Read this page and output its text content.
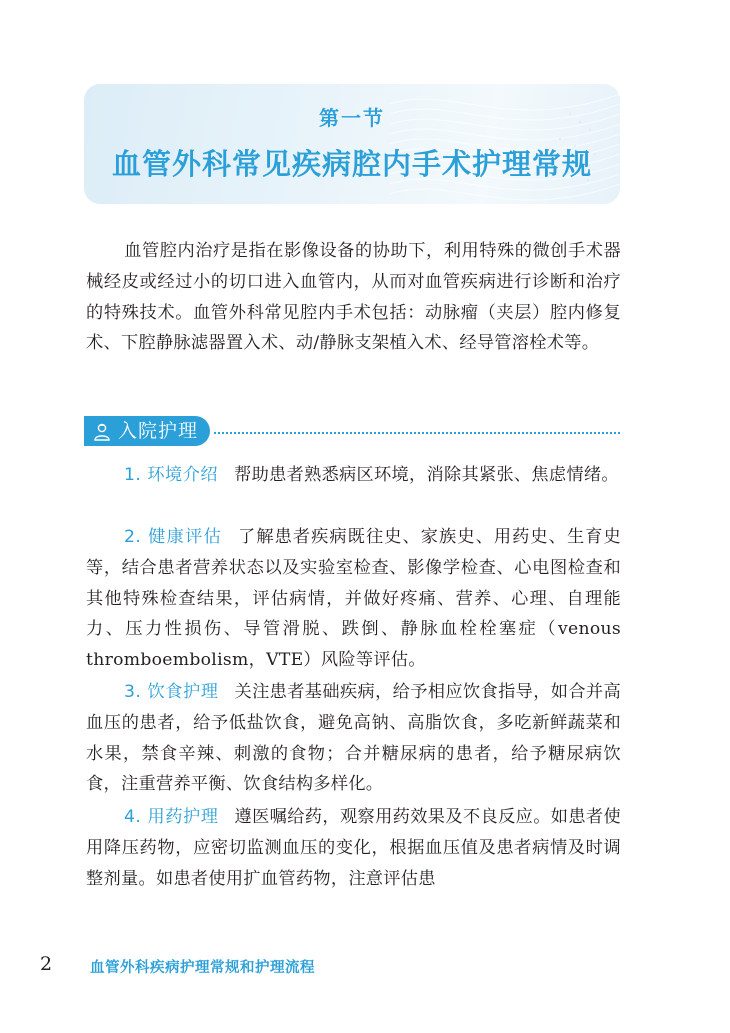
第一节
血管外科常见疾病腔内手术护理常规
血管腔内治疗是指在影像设备的协助下，利用特殊的微创手术器械经皮或经过小的切口进入血管内，从而对血管疾病进行诊断和治疗的特殊技术。血管外科常见腔内手术包括：动脉瘤（夹层）腔内修复术、下腔静脉滤器置入术、动/静脉支架植入术、经导管溶栓术等。
入院护理
1. 环境介绍 帮助患者熟悉病区环境，消除其紧张、焦虑情绪。
2. 健康评估 了解患者疾病既往史、家族史、用药史、生育史等，结合患者营养状态以及实验室检查、影像学检查、心电图检查和其他特殊检查结果，评估病情，并做好疼痛、营养、心理、自理能力、压力性损伤、导管滑脱、跌倒、静脉血栓栓塞症（venous thromboembolism，VTE）风险等评估。
3. 饮食护理 关注患者基础疾病，给予相应饮食指导，如合并高血压的患者，给予低盐饮食，避免高钠、高脂饮食，多吃新鲜蔬菜和水果，禁食辛辣、刺激的食物；合并糖尿病的患者，给予糖尿病饮食，注重营养平衡、饮食结构多样化。
4. 用药护理 遵医嘱给药，观察用药效果及不良反应。如患者使用降压药物，应密切监测血压的变化，根据血压值及患者病情及时调整剂量。如患者使用扩血管药物，注意评估患
2	血管外科疾病护理常规和护理流程
